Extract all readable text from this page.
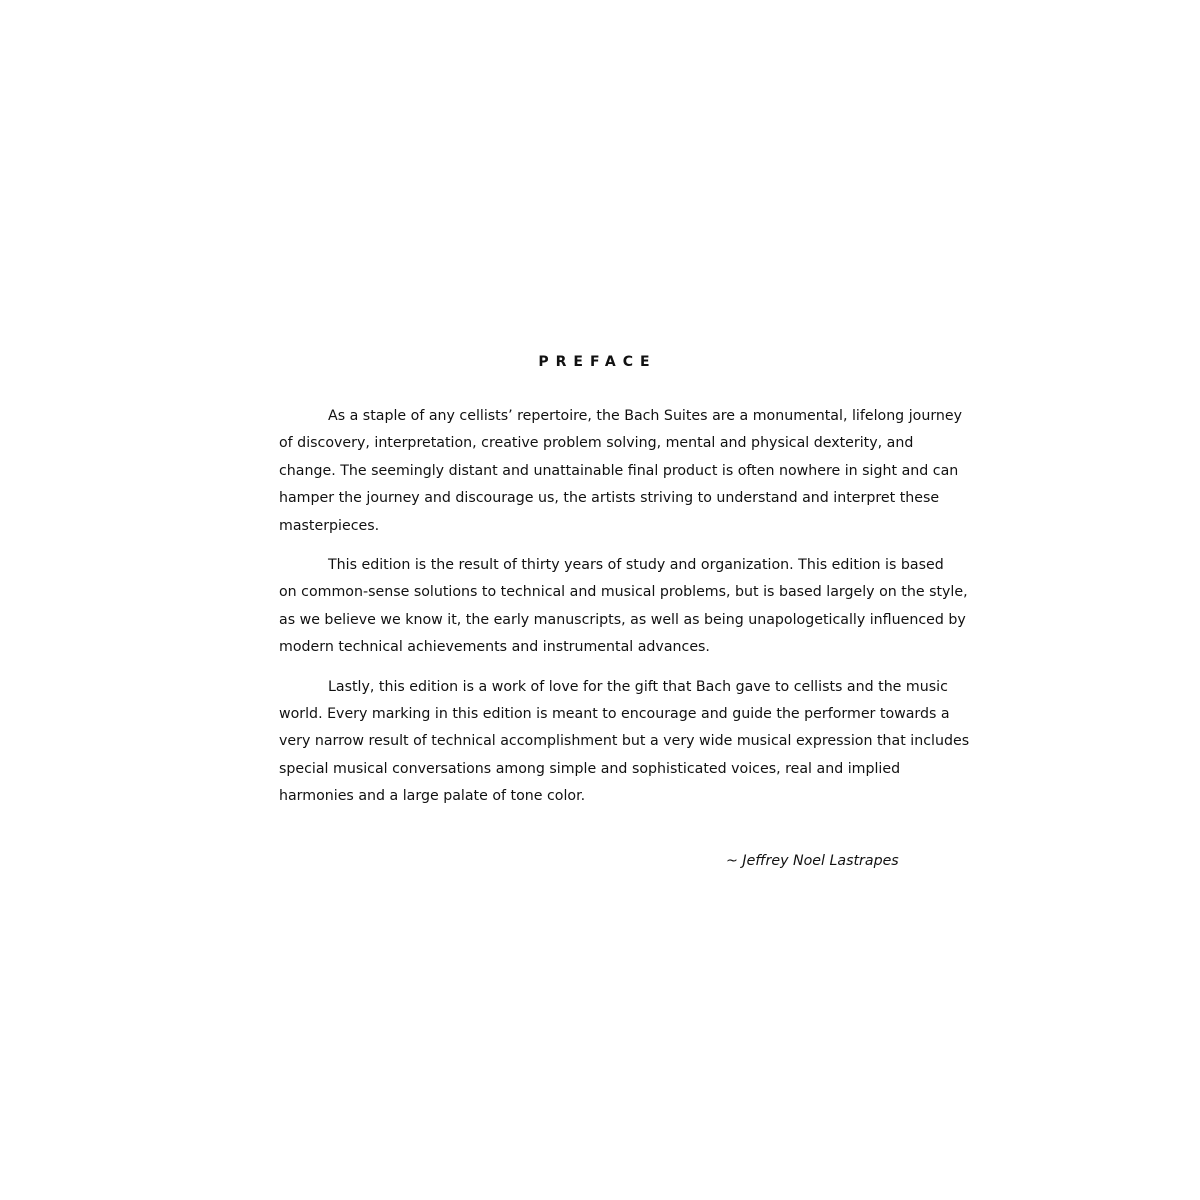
PREFACE

As a staple of any cellists’ repertoire, the Bach Suites are a monumental, lifelong journey
of discovery, interpretation, creative problem solving, mental and physical dexterity, and
change. The seemingly distant and unattainable final product is often nowhere in sight and can
hamper the journey and discourage us, the artists striving to understand and interpret these
masterpieces.

This edition is the result of thirty years of study and organization. This edition is based
on common-sense solutions to technical and musical problems, but is based largely on the style,
as we believe we know it, the early manuscripts, as well as being unapologetically influenced by
modern technical achievements and instrumental advances.

Lastly, this edition is a work of love for the gift that Bach gave to cellists and the music
world. Every marking in this edition is meant to encourage and guide the performer towards a
very narrow result of technical accomplishment but a very wide musical expression that includes
special musical conversations among simple and sophisticated voices, real and implied
harmonies and a large palate of tone color.

~ Jeffrey Noel Lastrapes
